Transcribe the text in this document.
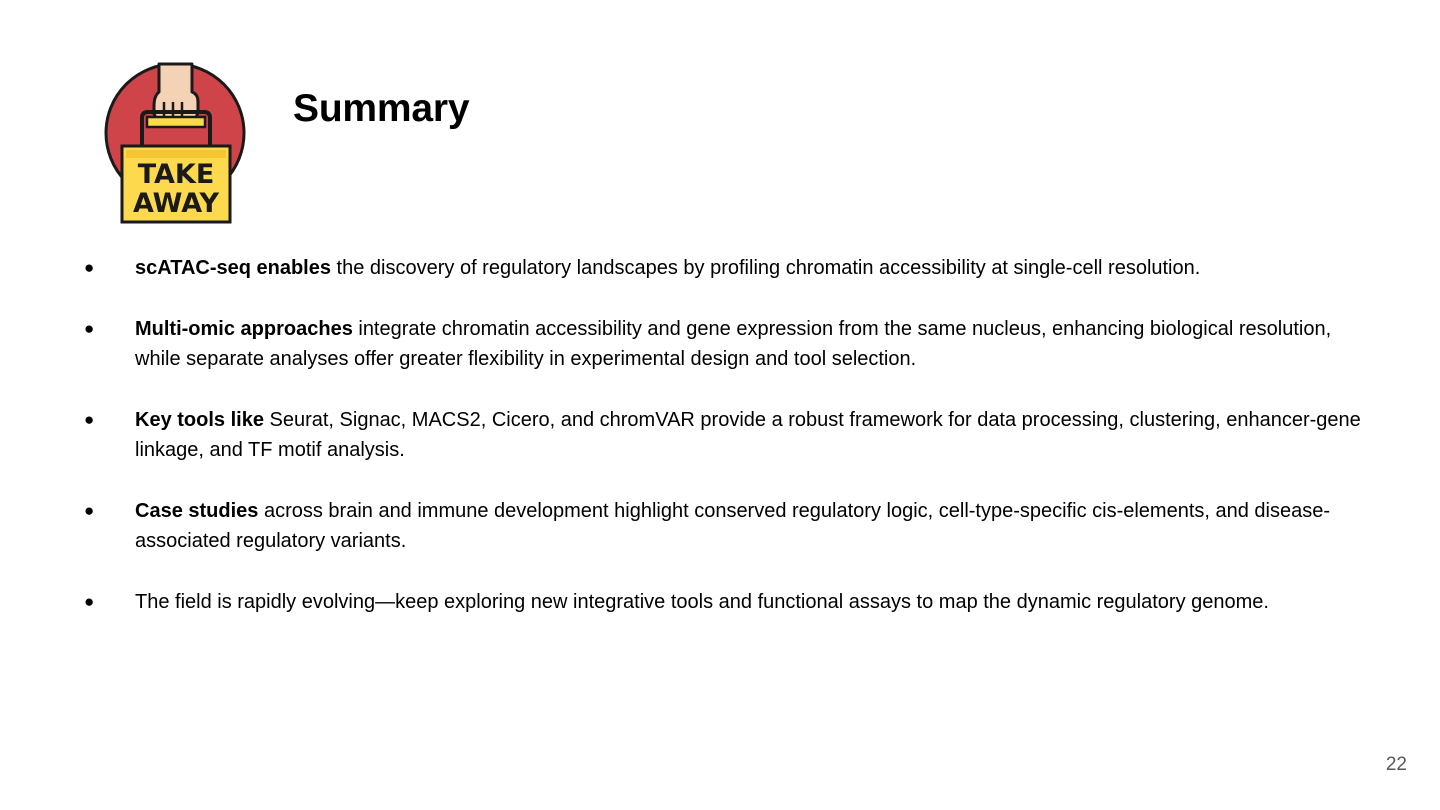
TAKE
AWAY
Summary
● scATAC-seq enables the discovery of regulatory landscapes by profiling chromatin accessibility at single-cell resolution.
● Multi-omic approaches integrate chromatin accessibility and gene expression from the same nucleus, enhancing biological resolution, while separate analyses offer greater flexibility in experimental design and tool selection.
● Key tools like Seurat, Signac, MACS2, Cicero, and chromVAR provide a robust framework for data processing, clustering, enhancer-gene linkage, and TF motif analysis.
● Case studies across brain and immune development highlight conserved regulatory logic, cell-type-specific cis-elements, and disease-associated regulatory variants.
● The field is rapidly evolving—keep exploring new integrative tools and functional assays to map the dynamic regulatory genome.
22
